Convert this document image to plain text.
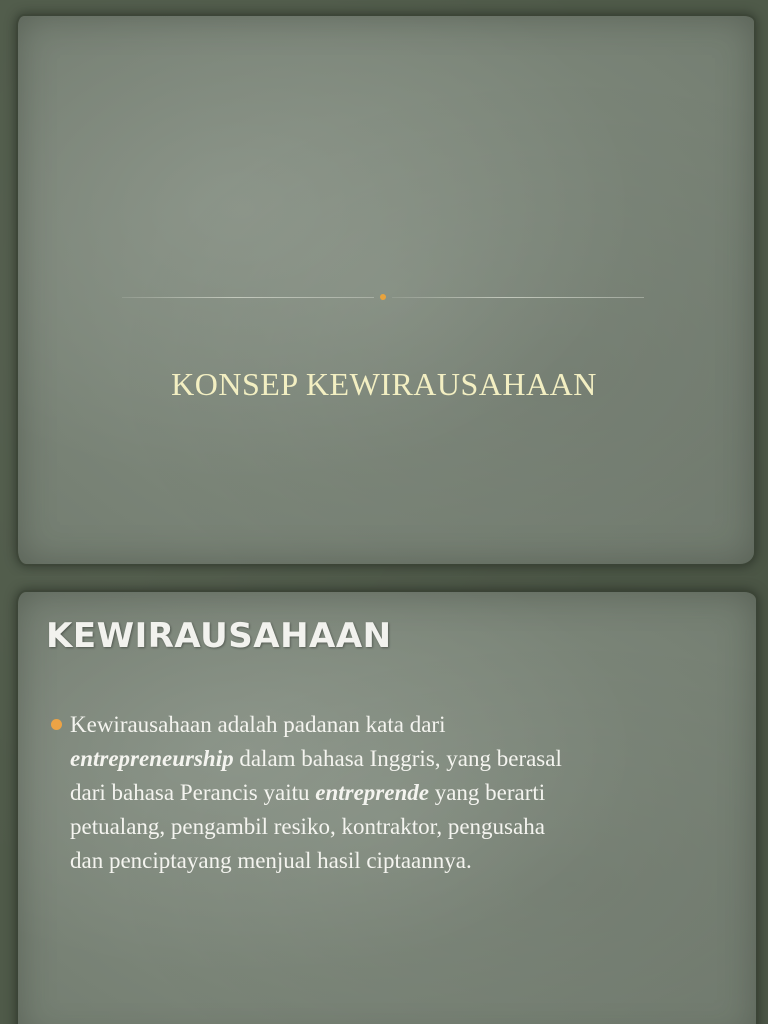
KONSEP KEWIRAUSAHAAN
KEWIRAUSAHAAN
Kewirausahaan adalah padanan kata dari
entrepreneurship dalam bahasa Inggris, yang berasal
dari bahasa Perancis yaitu entreprende yang berarti
petualang, pengambil resiko, kontraktor, pengusaha
dan penciptayang menjual hasil ciptaannya.
